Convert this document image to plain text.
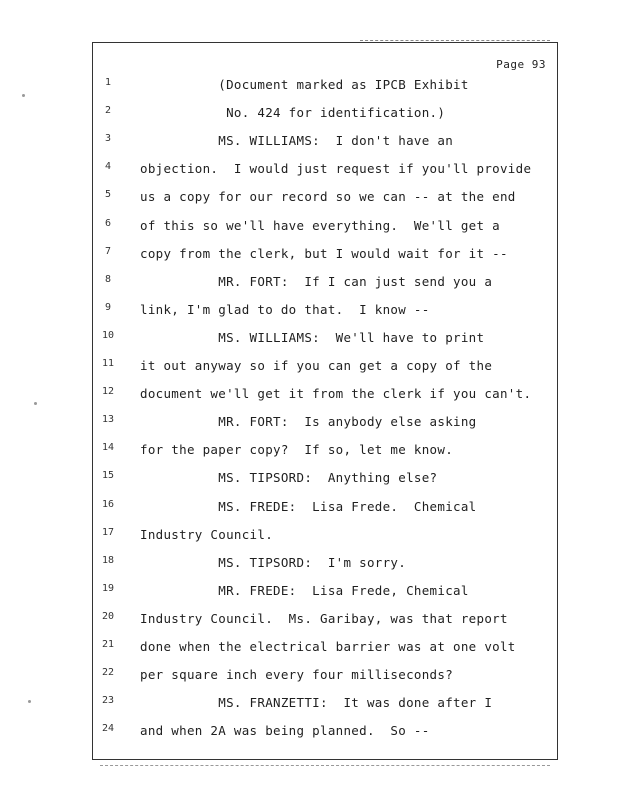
Page 93
1	(Document marked as IPCB Exhibit
2	No. 424 for identification.)
3	MS. WILLIAMS:  I don't have an
4	objection.  I would just request if you'll provide
5	us a copy for our record so we can -- at the end
6	of this so we'll have everything.  We'll get a
7	copy from the clerk, but I would wait for it --
8	MR. FORT:  If I can just send you a
9	link, I'm glad to do that.  I know --
10	MS. WILLIAMS:  We'll have to print
11	it out anyway so if you can get a copy of the
12	document we'll get it from the clerk if you can't.
13	MR. FORT:  Is anybody else asking
14	for the paper copy?  If so, let me know.
15	MS. TIPSORD:  Anything else?
16	MS. FREDE:  Lisa Frede.  Chemical
17	Industry Council.
18	MS. TIPSORD:  I'm sorry.
19	MR. FREDE:  Lisa Frede, Chemical
20	Industry Council.  Ms. Garibay, was that report
21	done when the electrical barrier was at one volt
22	per square inch every four milliseconds?
23	MS. FRANZETTI:  It was done after I
24	and when 2A was being planned.  So --
